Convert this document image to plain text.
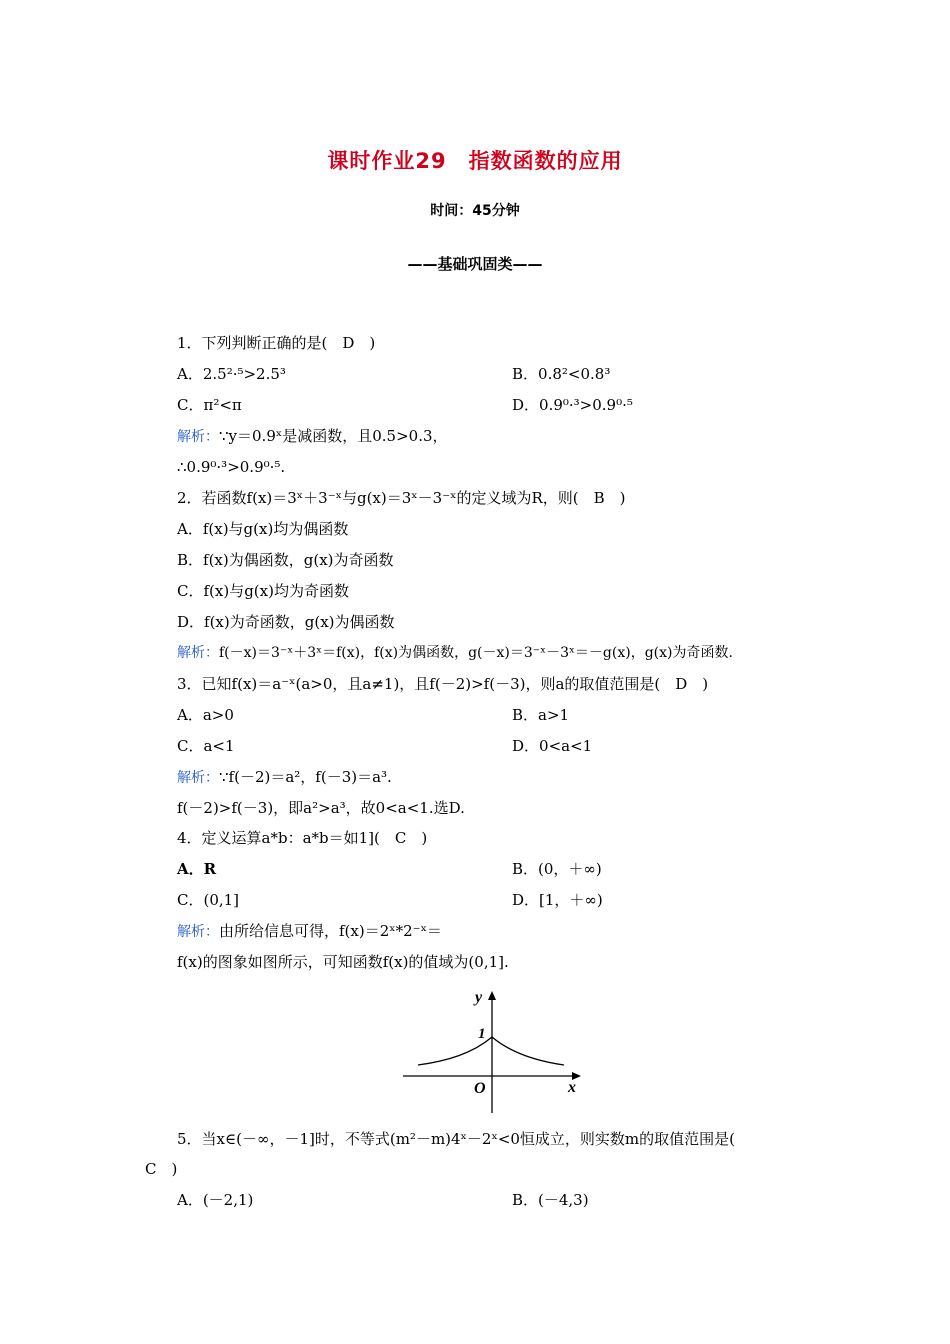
课时作业29　指数函数的应用
时间：45分钟
——基础巩固类——
1．下列判断正确的是(　D　)
A．2.5²·⁵>2.5³	B．0.8²<0.8³
C．π²<π	D．0.9⁰·³>0.9⁰·⁵
解析：∵y＝0.9ˣ是减函数，且0.5>0.3，
∴0.9⁰·³>0.9⁰·⁵.
2．若函数f(x)＝3ˣ＋3⁻ˣ与g(x)＝3ˣ－3⁻ˣ的定义域为R，则(　B　)
A．f(x)与g(x)均为偶函数
B．f(x)为偶函数，g(x)为奇函数
C．f(x)与g(x)均为奇函数
D．f(x)为奇函数，g(x)为偶函数
解析：f(－x)＝3⁻ˣ＋3ˣ＝f(x)，f(x)为偶函数，g(－x)＝3⁻ˣ－3ˣ＝－g(x)，g(x)为奇函数.
3．已知f(x)＝a⁻ˣ(a>0，且a≠1)，且f(－2)>f(－3)，则a的取值范围是(　D　)
A．a>0	B．a>1
C．a<1	D．0<a<1
解析：∵f(－2)＝a²，f(－3)＝a³.
f(－2)>f(－3)，即a²>a³，故0<a<1.选D.
4．定义运算a*b：a*b＝如1](　C　)
A．R	B．(0，＋∞)
C．(0,1]	D．[1，＋∞)
解析：由所给信息可得，f(x)＝2ˣ*2⁻ˣ＝
f(x)的图象如图所示，可知函数f(x)的值域为(0,1].
y
1
O	x
5．当x∈(－∞，－1]时，不等式(m²－m)4ˣ－2ˣ<0恒成立，则实数m的取值范围是(
C　)
A．(－2,1)	B．(－4,3)
